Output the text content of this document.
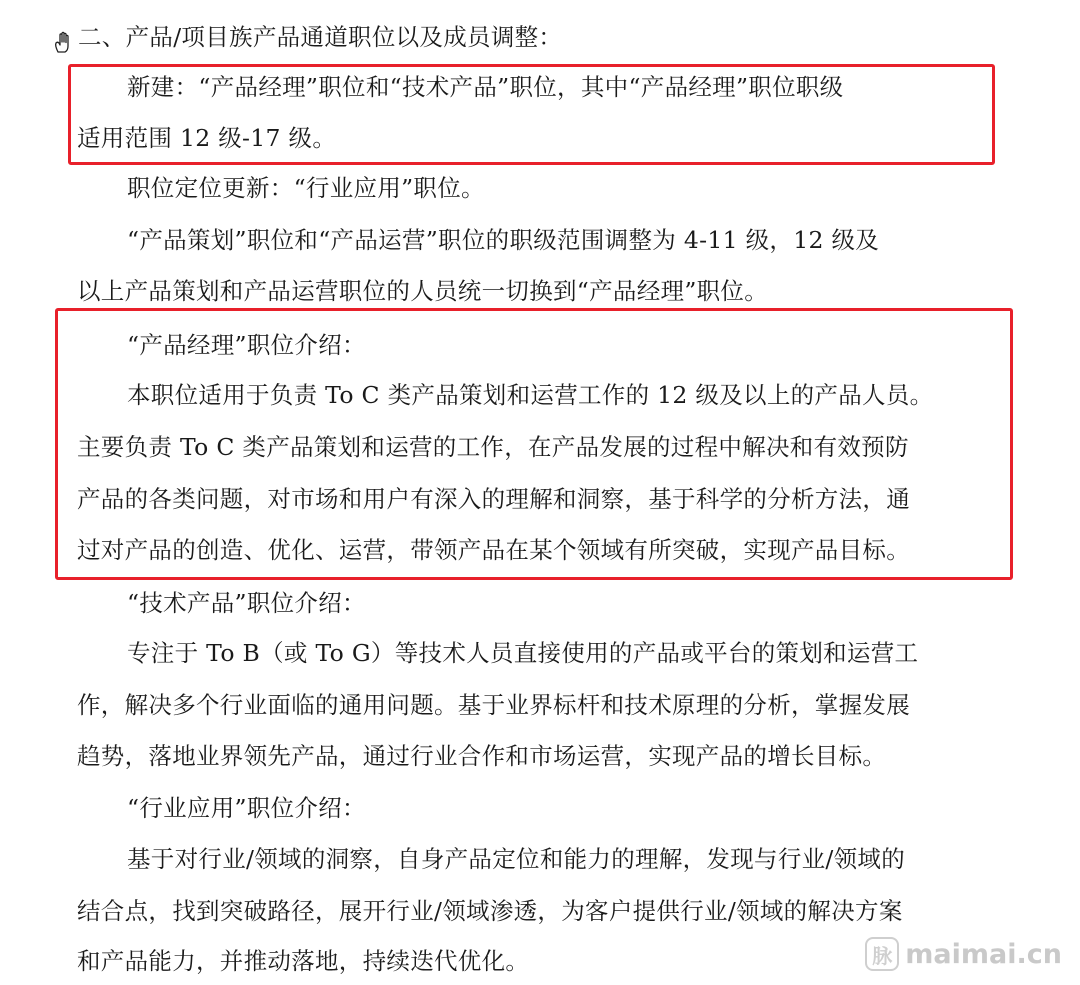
二、产品/项目族产品通道职位以及成员调整：
新建：“产品经理”职位和“技术产品”职位，其中“产品经理”职位职级
适用范围 12 级-17 级。
职位定位更新：“行业应用”职位。
“产品策划”职位和“产品运营”职位的职级范围调整为 4-11 级，12 级及
以上产品策划和产品运营职位的人员统一切换到“产品经理”职位。
“产品经理”职位介绍：
本职位适用于负责 To C 类产品策划和运营工作的 12 级及以上的产品人员。
主要负责 To C 类产品策划和运营的工作，在产品发展的过程中解决和有效预防
产品的各类问题，对市场和用户有深入的理解和洞察，基于科学的分析方法，通
过对产品的创造、优化、运营，带领产品在某个领域有所突破，实现产品目标。
“技术产品”职位介绍：
专注于 To B（或 To G）等技术人员直接使用的产品或平台的策划和运营工
作，解决多个行业面临的通用问题。基于业界标杆和技术原理的分析，掌握发展
趋势，落地业界领先产品，通过行业合作和市场运营，实现产品的增长目标。
“行业应用”职位介绍：
基于对行业/领域的洞察，自身产品定位和能力的理解，发现与行业/领域的
结合点，找到突破路径，展开行业/领域渗透，为客户提供行业/领域的解决方案
和产品能力，并推动落地，持续迭代优化。	脉 maimai.cn
